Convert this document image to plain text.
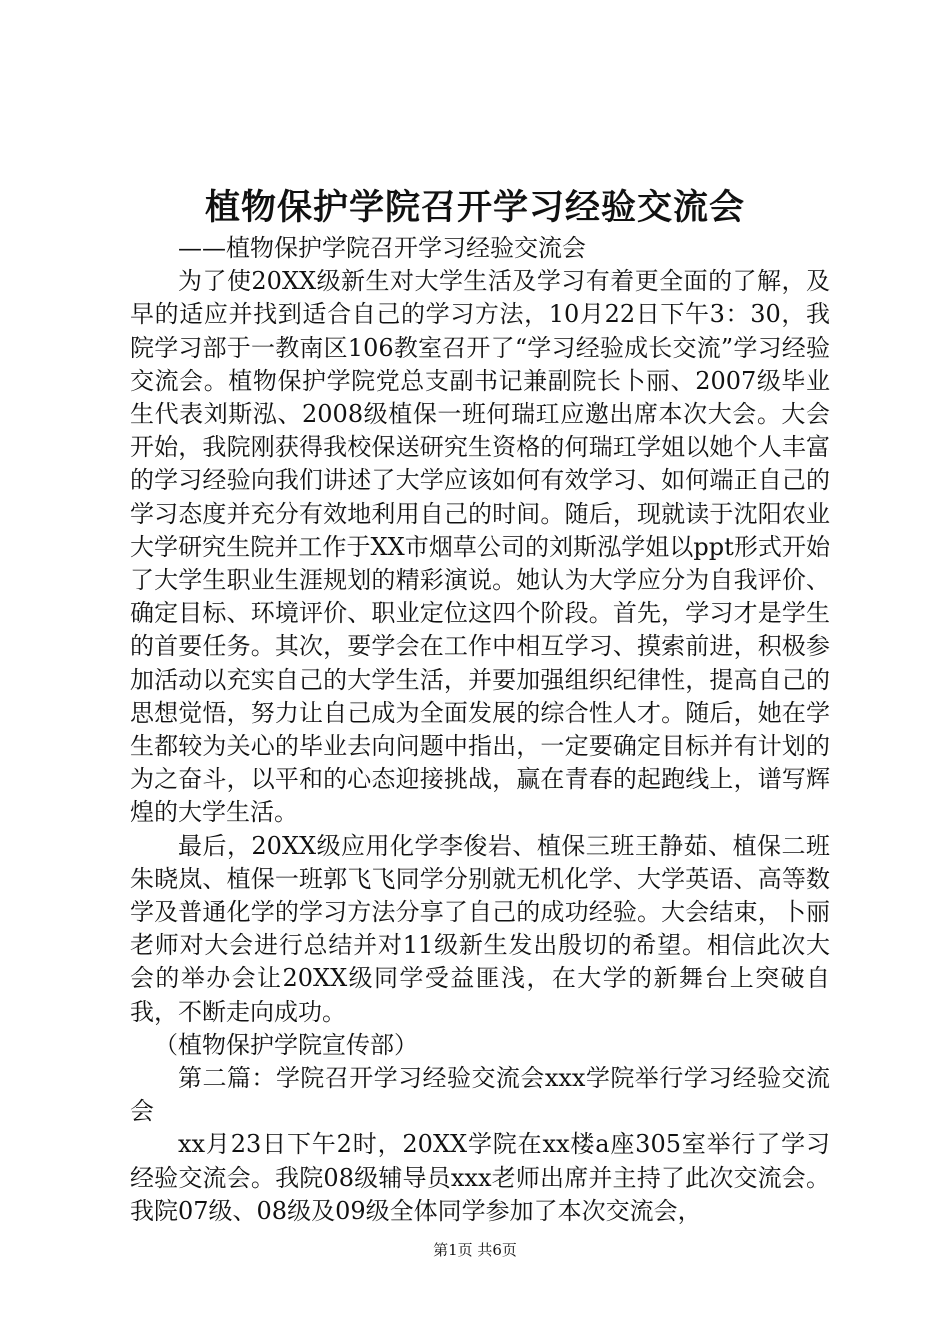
植物保护学院召开学习经验交流会

——植物保护学院召开学习经验交流会

为了使20XX级新生对大学生活及学习有着更全面的了解，及早的适应并找到适合自己的学习方法，10月22日下午3：30，我院学习部于一教南区106教室召开了“学习经验成长交流”学习经验交流会。植物保护学院党总支副书记兼副院长卜丽、2007级毕业生代表刘斯泓、2008级植保一班何瑞玒应邀出席本次大会。大会开始，我院刚获得我校保送研究生资格的何瑞玒学姐以她个人丰富的学习经验向我们讲述了大学应该如何有效学习、如何端正自己的学习态度并充分有效地利用自己的时间。随后，现就读于沈阳农业大学研究生院并工作于XX市烟草公司的刘斯泓学姐以ppt形式开始了大学生职业生涯规划的精彩演说。她认为大学应分为自我评价、确定目标、环境评价、职业定位这四个阶段。首先，学习才是学生的首要任务。其次，要学会在工作中相互学习、摸索前进，积极参加活动以充实自己的大学生活，并要加强组织纪律性，提高自己的思想觉悟，努力让自己成为全面发展的综合性人才。随后，她在学生都较为关心的毕业去向问题中指出，一定要确定目标并有计划的为之奋斗，以平和的心态迎接挑战，赢在青春的起跑线上，谱写辉煌的大学生活。

最后，20XX级应用化学李俊岩、植保三班王静茹、植保二班朱晓岚、植保一班郭飞飞同学分别就无机化学、大学英语、高等数学及普通化学的学习方法分享了自己的成功经验。大会结束，卜丽老师对大会进行总结并对11级新生发出殷切的希望。相信此次大会的举办会让20XX级同学受益匪浅，在大学的新舞台上突破自我，不断走向成功。

（植物保护学院宣传部）

第二篇：学院召开学习经验交流会xxx学院举行学习经验交流会

xx月23日下午2时，20XX学院在xx楼a座305室举行了学习经验交流会。我院08级辅导员xxx老师出席并主持了此次交流会。我院07级、08级及09级全体同学参加了本次交流会，

第1页 共6页
